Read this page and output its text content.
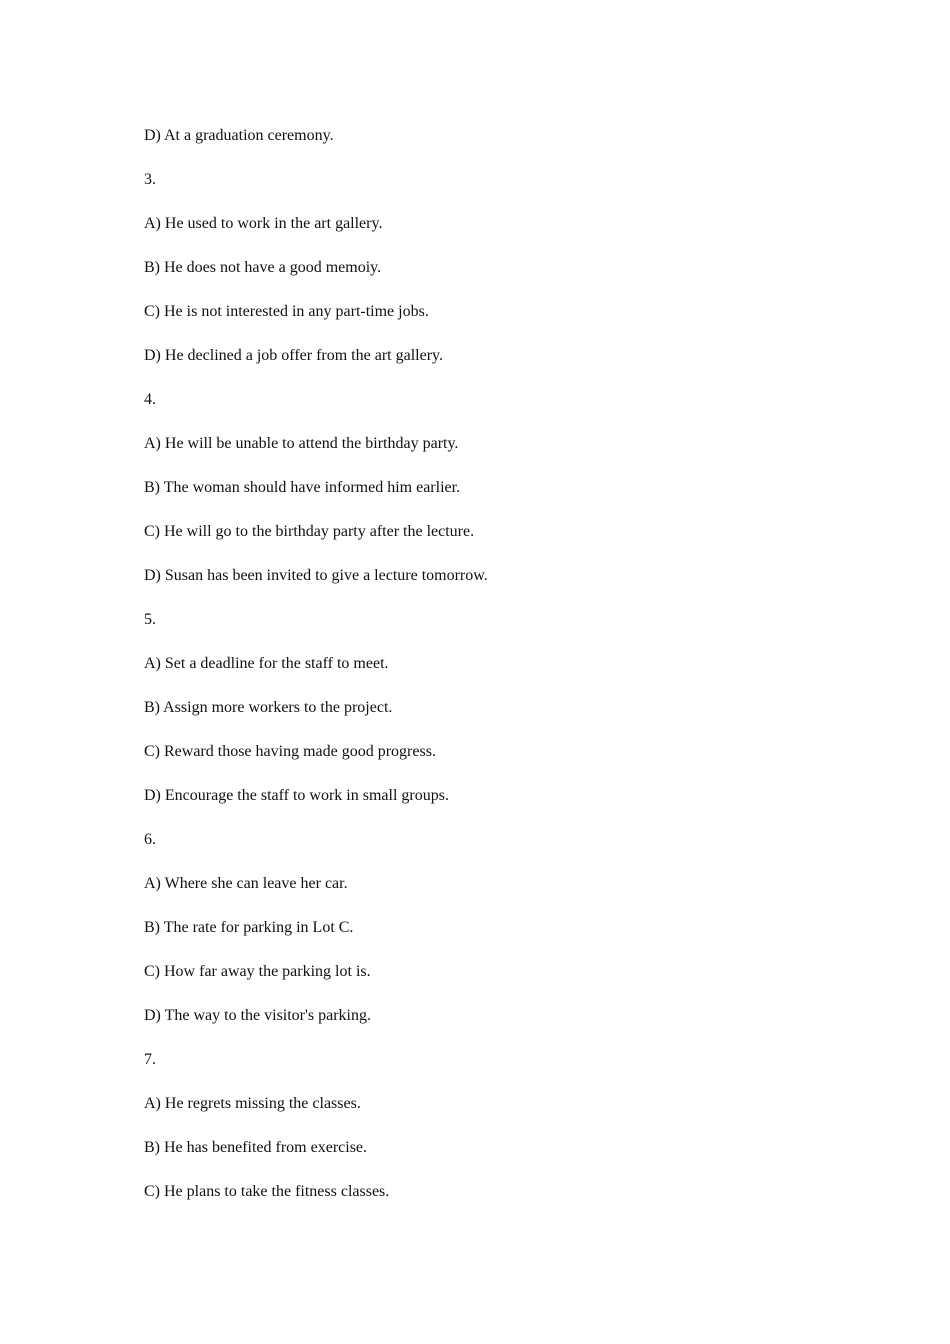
D) At a graduation ceremony.
3.
A) He used to work in the art gallery.
B) He does not have a good memoiy.
C) He is not interested in any part-time jobs.
D) He declined a job offer from the art gallery.
4.
A) He will be unable to attend the birthday party.
B) The woman should have informed him earlier.
C) He will go to the birthday party after the lecture.
D) Susan has been invited to give a lecture tomorrow.
5.
A) Set a deadline for the staff to meet.
B) Assign more workers to the project.
C) Reward those having made good progress.
D) Encourage the staff to work in small groups.
6.
A) Where she can leave her car.
B) The rate for parking in Lot C.
C) How far away the parking lot is.
D) The way to the visitor's parking.
7.
A) He regrets missing the classes.
B) He has benefited from exercise.
C) He plans to take the fitness classes.
